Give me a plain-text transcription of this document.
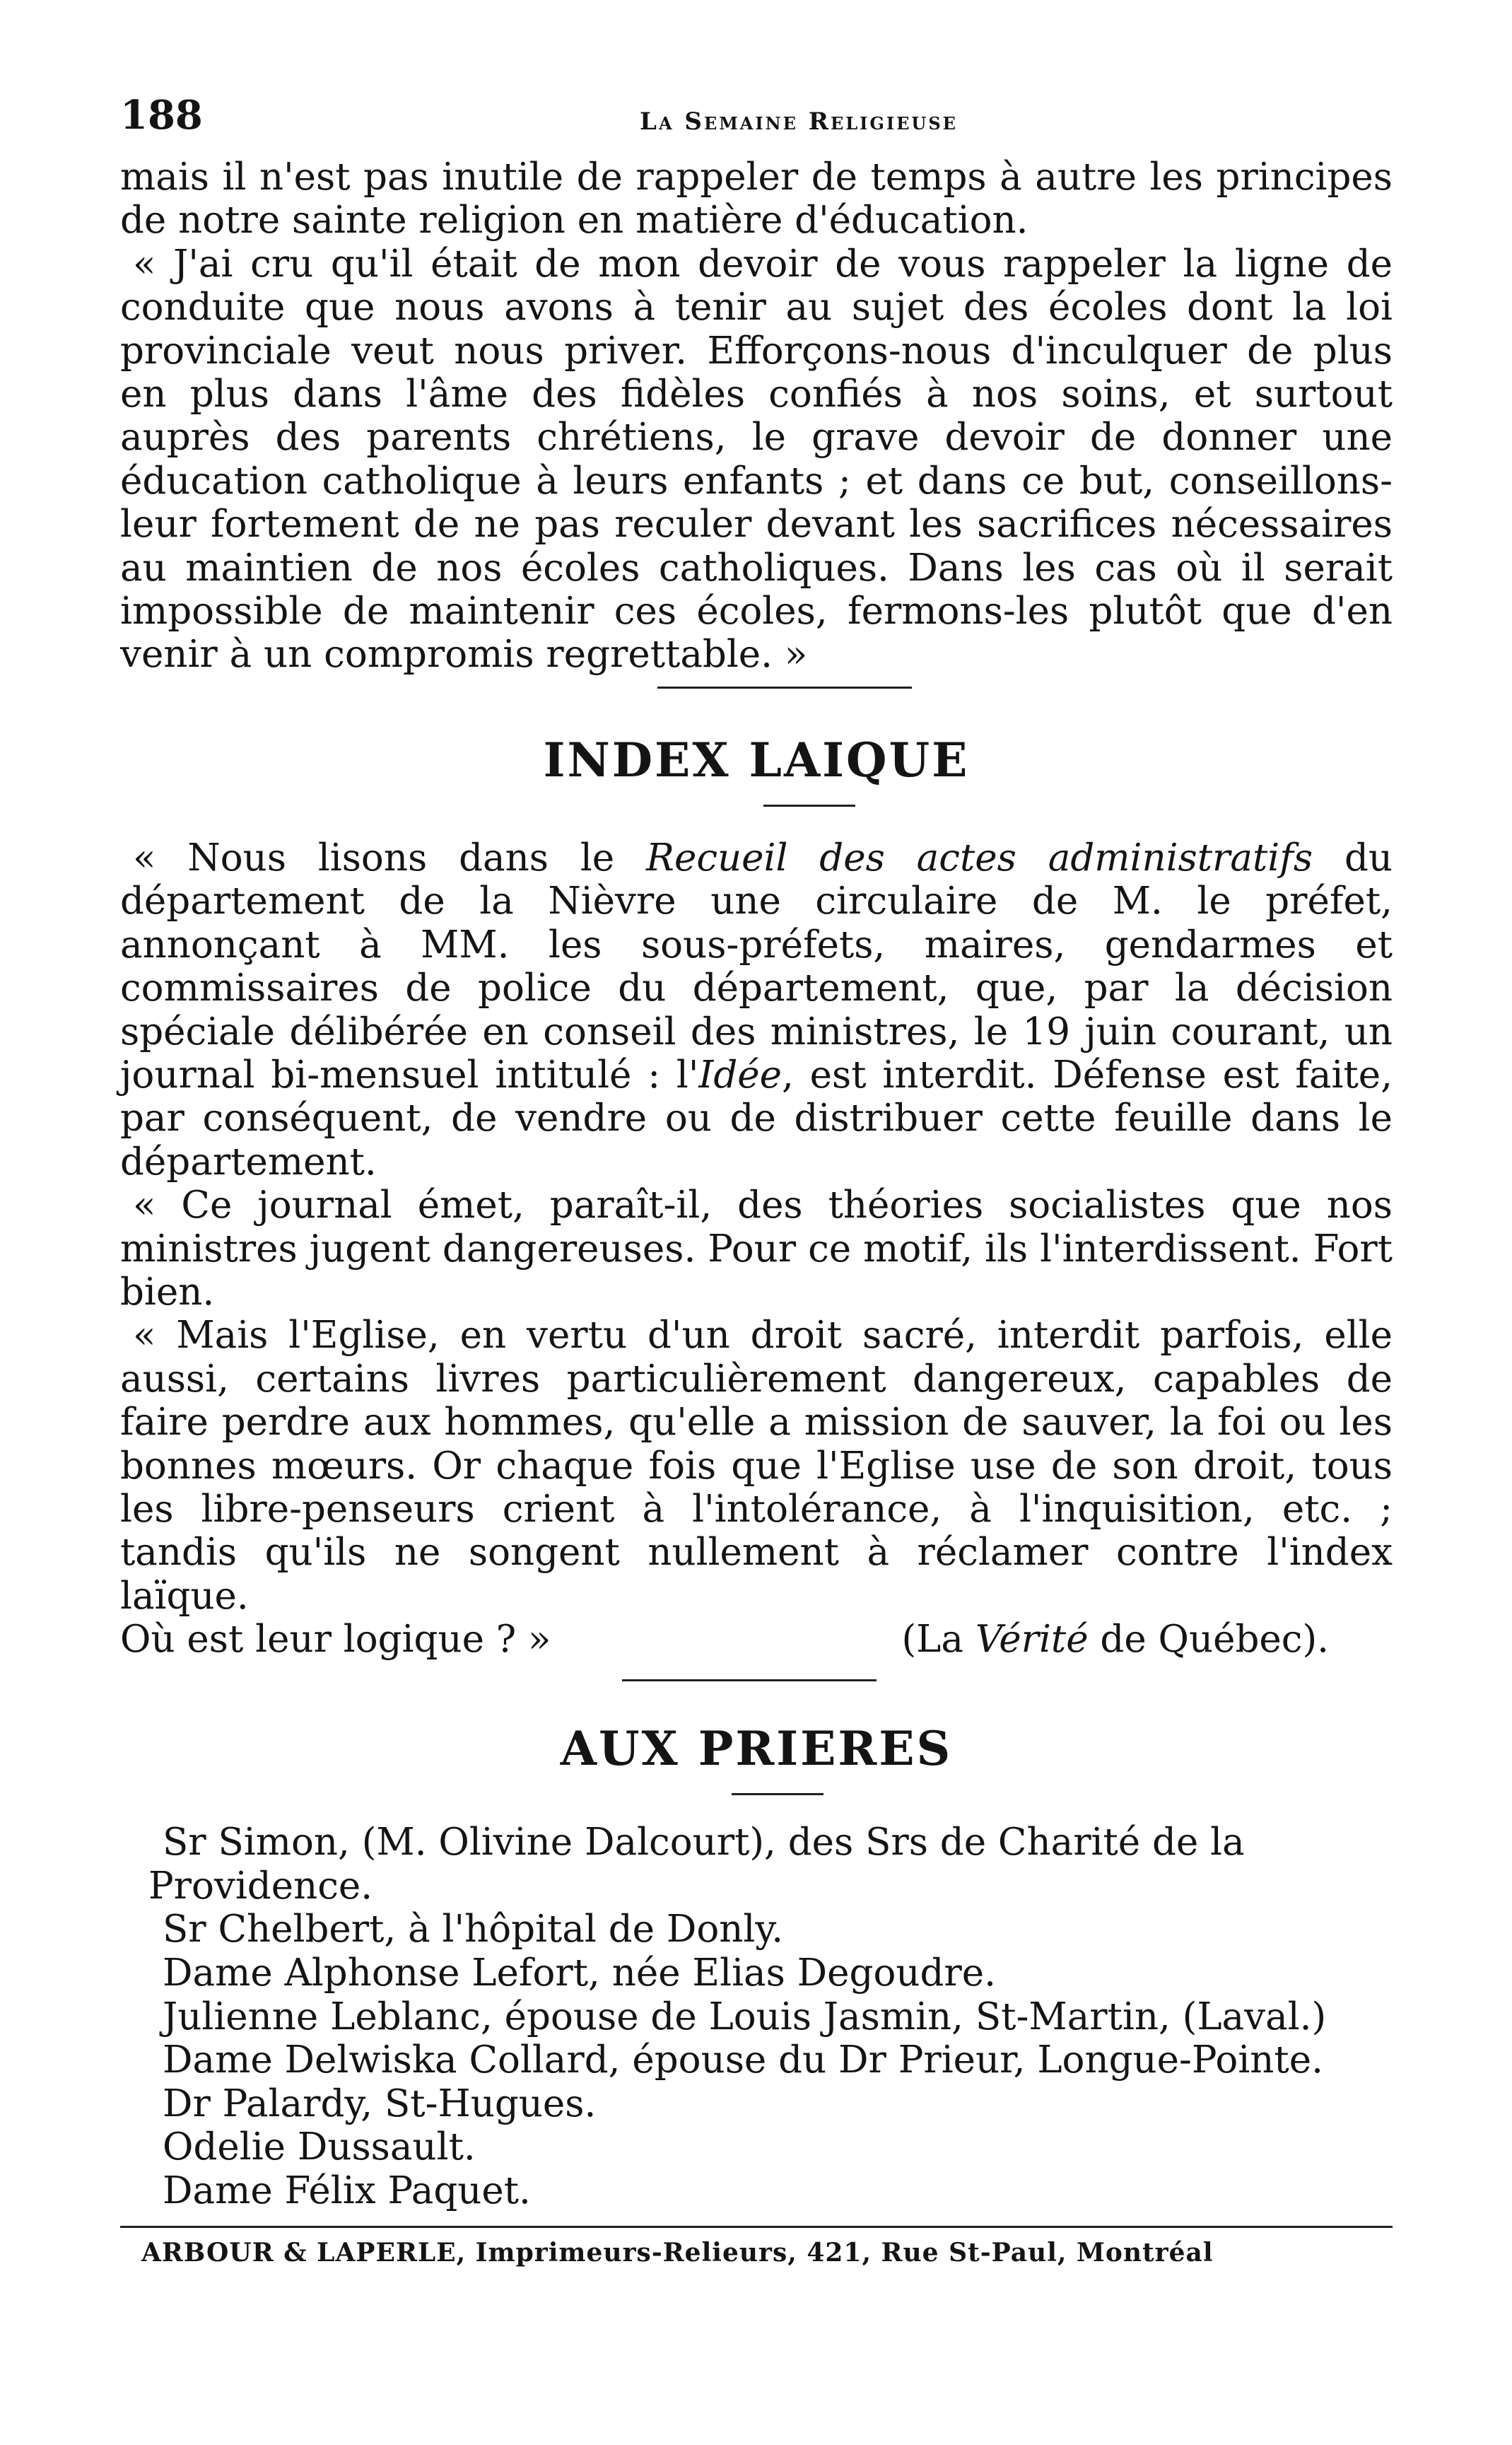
188	La Semaine Religieuse

mais il n'est pas inutile de rappeler de temps à autre les principes de notre sainte religion en matière d'éducation.

« J'ai cru qu'il était de mon devoir de vous rappeler la ligne de conduite que nous avons à tenir au sujet des écoles dont la loi provinciale veut nous priver. Efforçons-nous d'inculquer de plus en plus dans l'âme des fidèles confiés à nos soins, et surtout auprès des parents chrétiens, le grave devoir de donner une éducation catholique à leurs enfants ; et dans ce but, conseillons-leur fortement de ne pas reculer devant les sacrifices nécessaires au maintien de nos écoles catholiques. Dans les cas où il serait impossible de maintenir ces écoles, fermons-les plutôt que d'en venir à un compromis regrettable. »

INDEX LAIQUE

« Nous lisons dans le Recueil des actes administratifs du département de la Nièvre une circulaire de M. le préfet, annonçant à MM. les sous-préfets, maires, gendarmes et commissaires de police du département, que, par la décision spéciale délibérée en conseil des ministres, le 19 juin courant, un journal bi-mensuel intitulé : l'Idée, est interdit. Défense est faite, par conséquent, de vendre ou de distribuer cette feuille dans le département.

« Ce journal émet, paraît-il, des théories socialistes que nos ministres jugent dangereuses. Pour ce motif, ils l'interdissent. Fort bien.

« Mais l'Eglise, en vertu d'un droit sacré, interdit parfois, elle aussi, certains livres particulièrement dangereux, capables de faire perdre aux hommes, qu'elle a mission de sauver, la foi ou les bonnes mœurs. Or chaque fois que l'Eglise use de son droit, tous les libre-penseurs crient à l'intolérance, à l'inquisition, etc. ; tandis qu'ils ne songent nullement à réclamer contre l'index laïque.

Où est leur logique ? »	(La Vérité de Québec).
AUX PRIERES

Sr Simon, (M. Olivine Dalcourt), des Srs de Charité de la Providence.

Sr Chelbert, à l'hôpital de Donly.

Dame Alphonse Lefort, née Elias Degoudre.

Julienne Leblanc, épouse de Louis Jasmin, St-Martin, (Laval.)

Dame Delwiska Collard, épouse du Dr Prieur, Longue-Pointe.

Dr Palardy, St-Hugues.

Odelie Dussault.

Dame Félix Paquet.

ARBOUR & LAPERLE, Imprimeurs-Relieurs, 421, Rue St-Paul, Montréal
